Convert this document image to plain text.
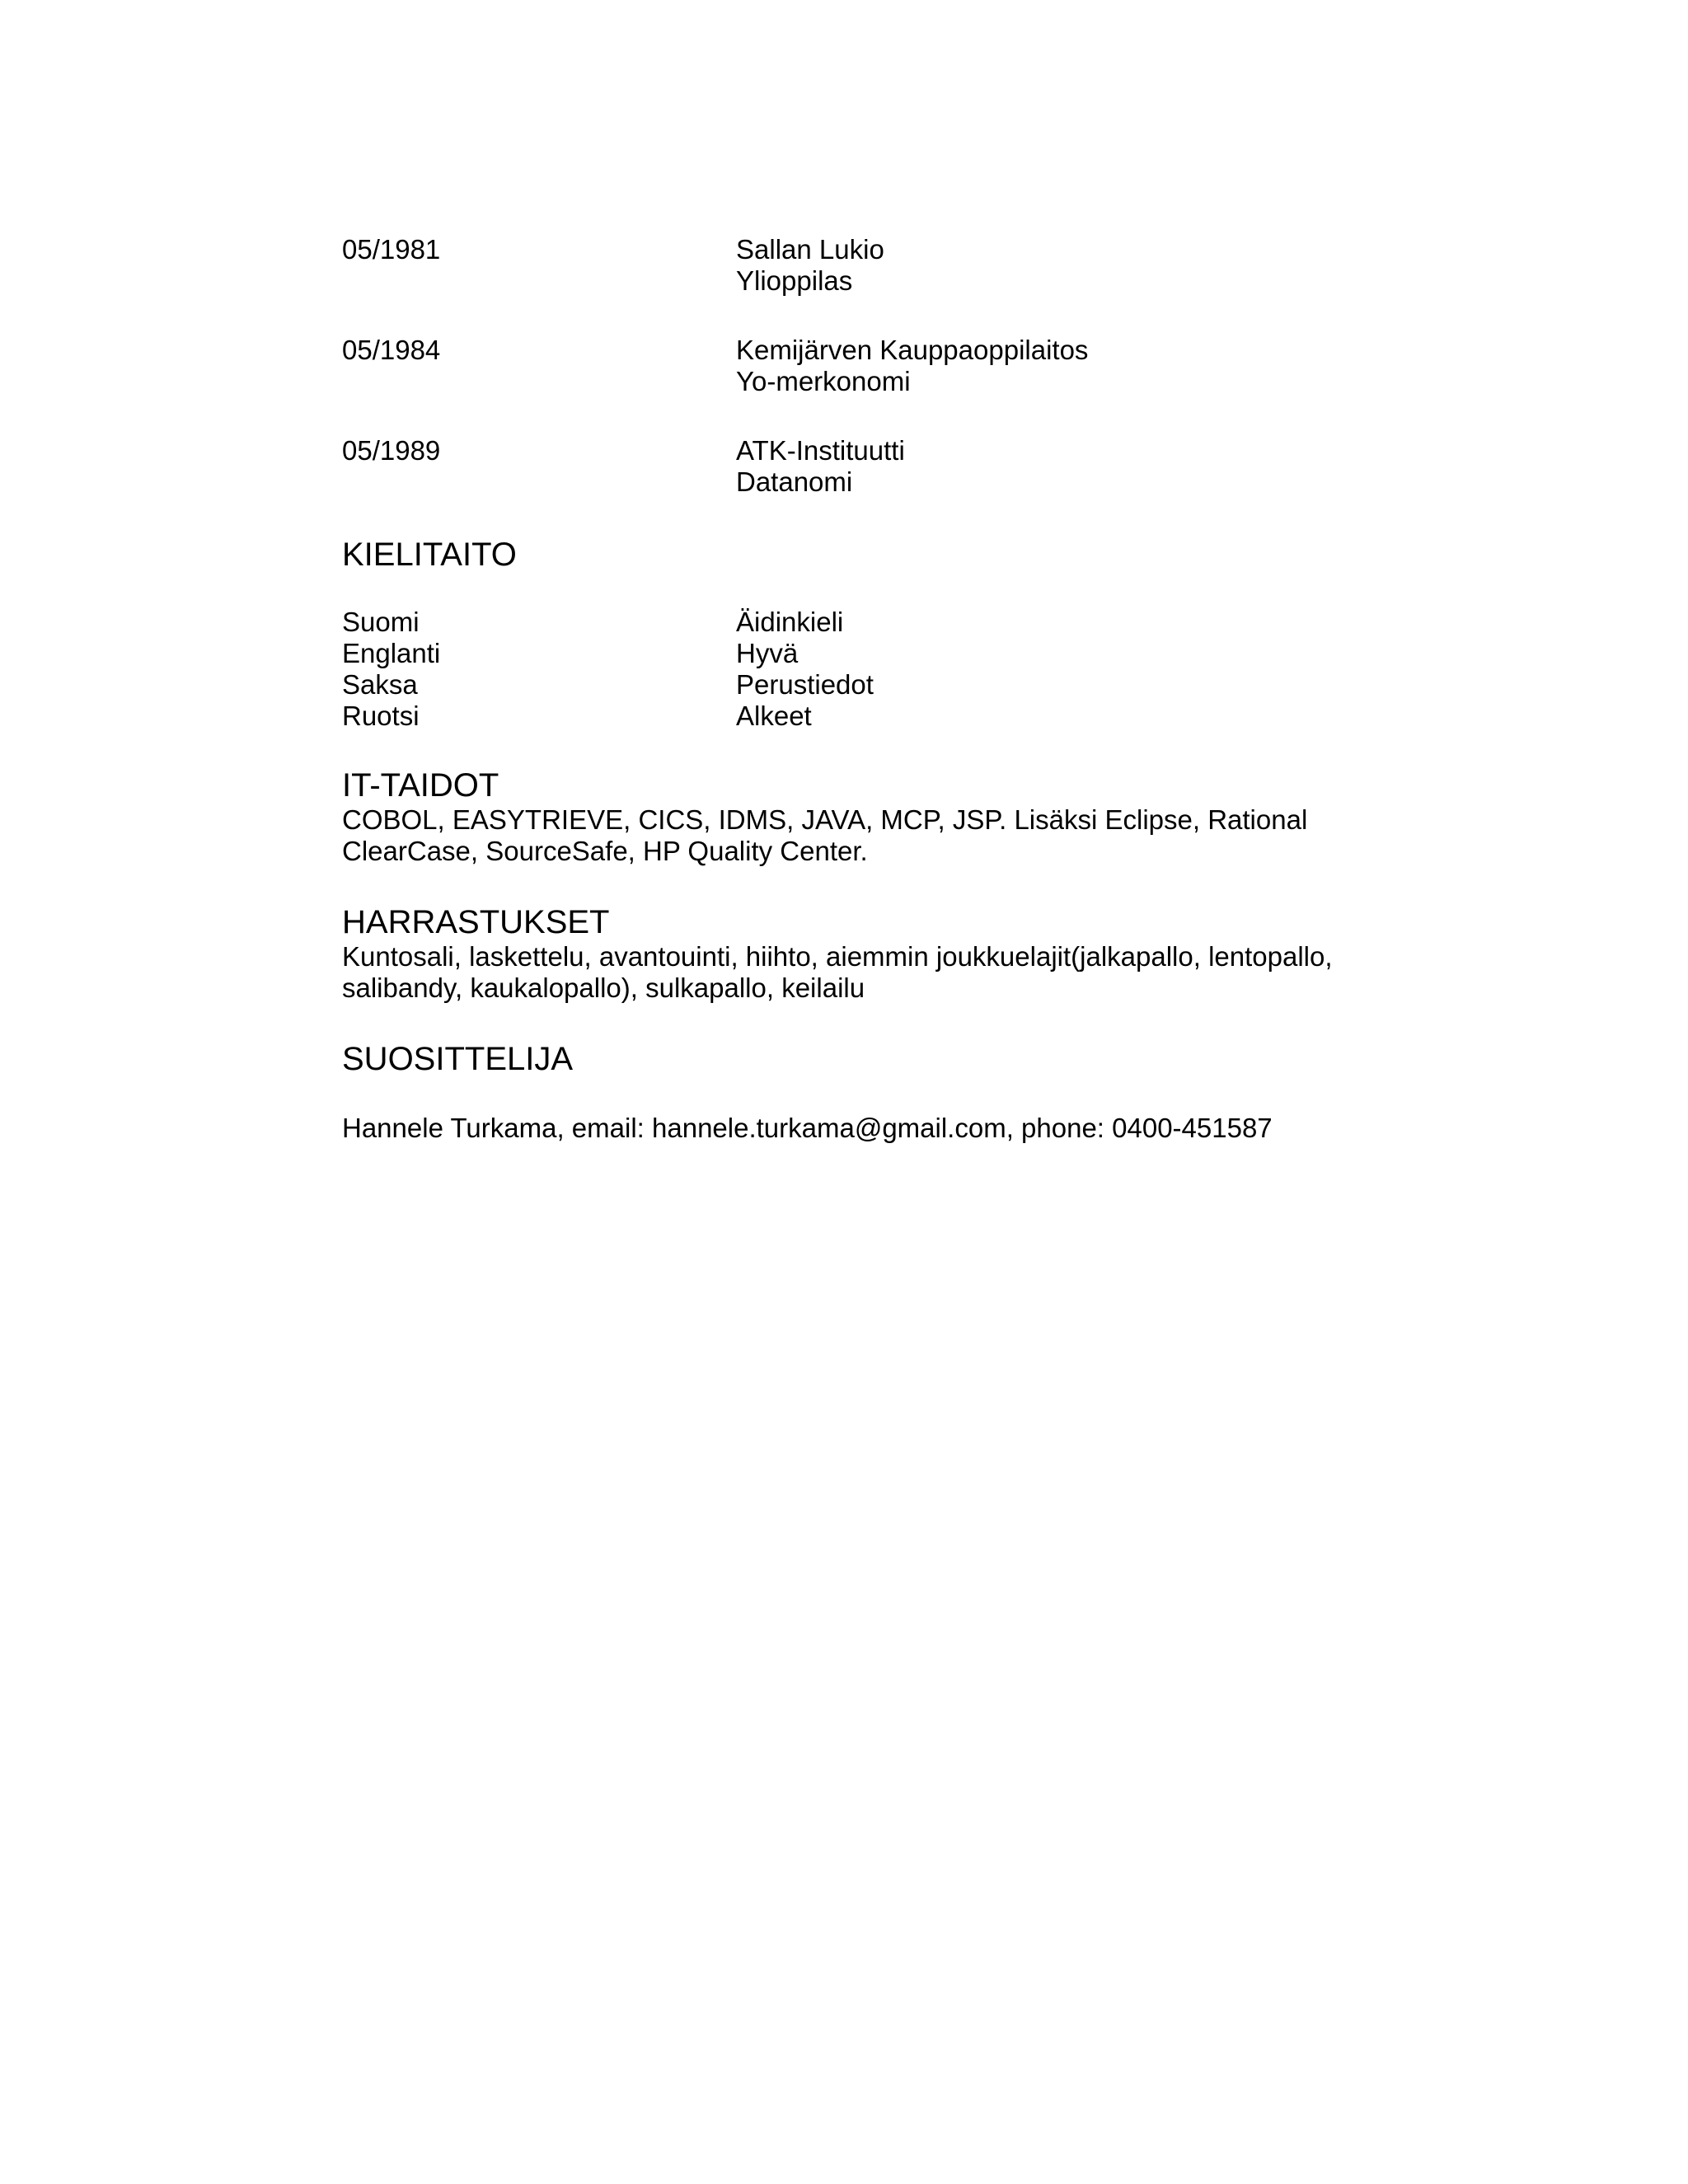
05/1981	Sallan Lukio
Ylioppilas
05/1984	Kemijärven Kauppaoppilaitos
Yo-merkonomi
05/1989	ATK-Instituutti
Datanomi
KIELITAITO
Suomi	Äidinkieli
Englanti	Hyvä
Saksa	Perustiedot
Ruotsi	Alkeet
IT-TAIDOT

COBOL, EASYTRIEVE, CICS, IDMS, JAVA, MCP, JSP. Lisäksi Eclipse, Rational ClearCase, SourceSafe, HP Quality Center.

HARRASTUKSET

Kuntosali, laskettelu, avantouinti, hiihto, aiemmin joukkuelajit(jalkapallo, lentopallo, salibandy, kaukalopallo), sulkapallo, keilailu

SUOSITTELIJA

Hannele Turkama, email: hannele.turkama@gmail.com, phone: 0400-451587
